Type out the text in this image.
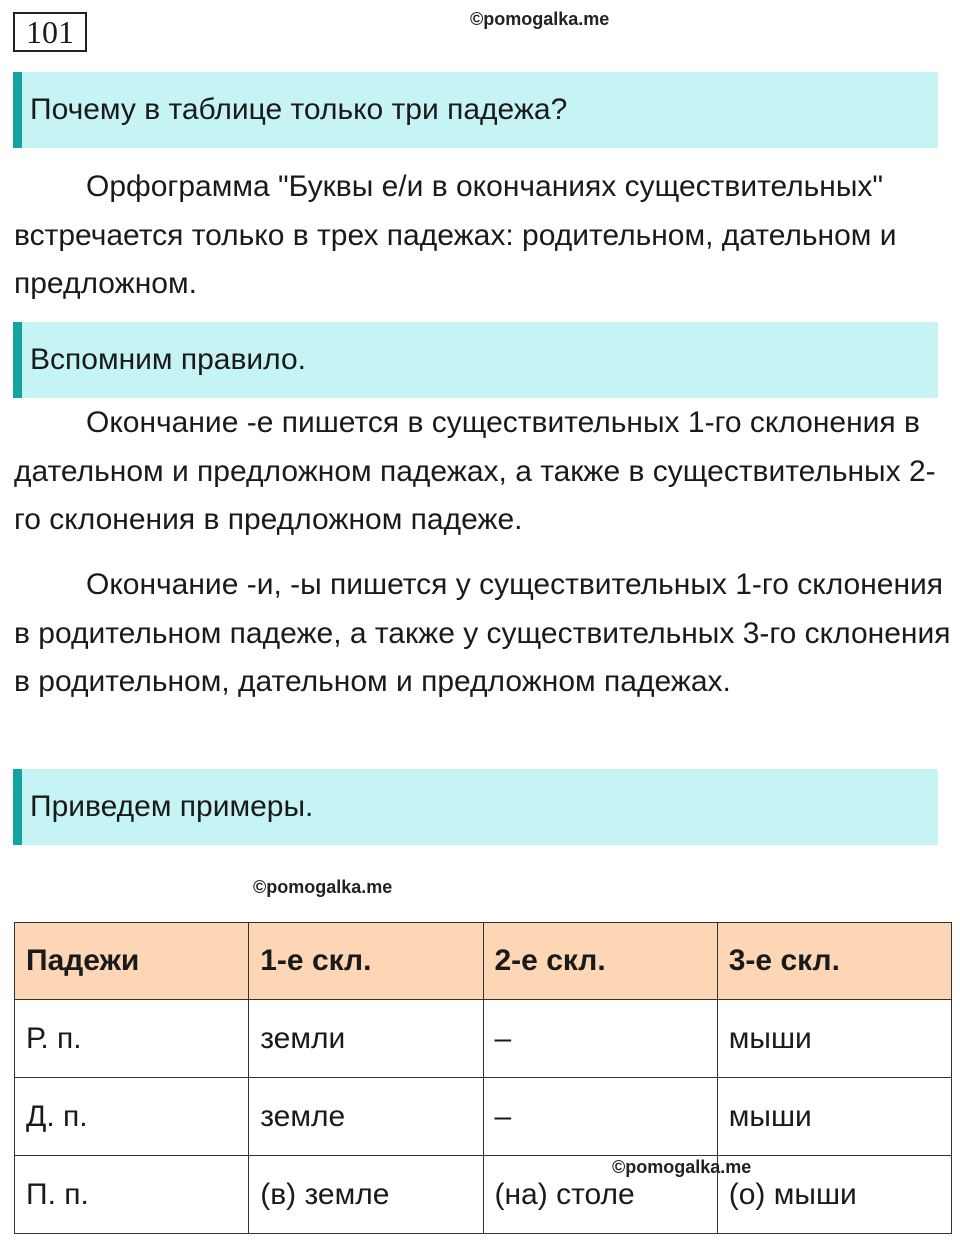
101	©pomogalka.me
Почему в таблице только три падежа?

Орфограмма "Буквы е/и в окончаниях существительных" встречается только в трех падежах: родительном, дательном и предложном.

Вспомним правило.

Окончание -е пишется в существительных 1-го склонения в дательном и предложном падежах, а также в существительных 2-го склонения в предложном падеже.

Окончание -и, -ы пишется у существительных 1-го склонения в родительном падеже, а также у существительных 3-го склонения в родительном, дательном и предложном падежах.

Приведем примеры.
©pomogalka.me
Падежи	1-е скл.	2-е скл.	3-е скл.
Р. п.	земли	–	мыши
Д. п.	земле	–	мыши
П. п.	(в) земле	(на) столе	(о) мыши
©pomogalka.me
